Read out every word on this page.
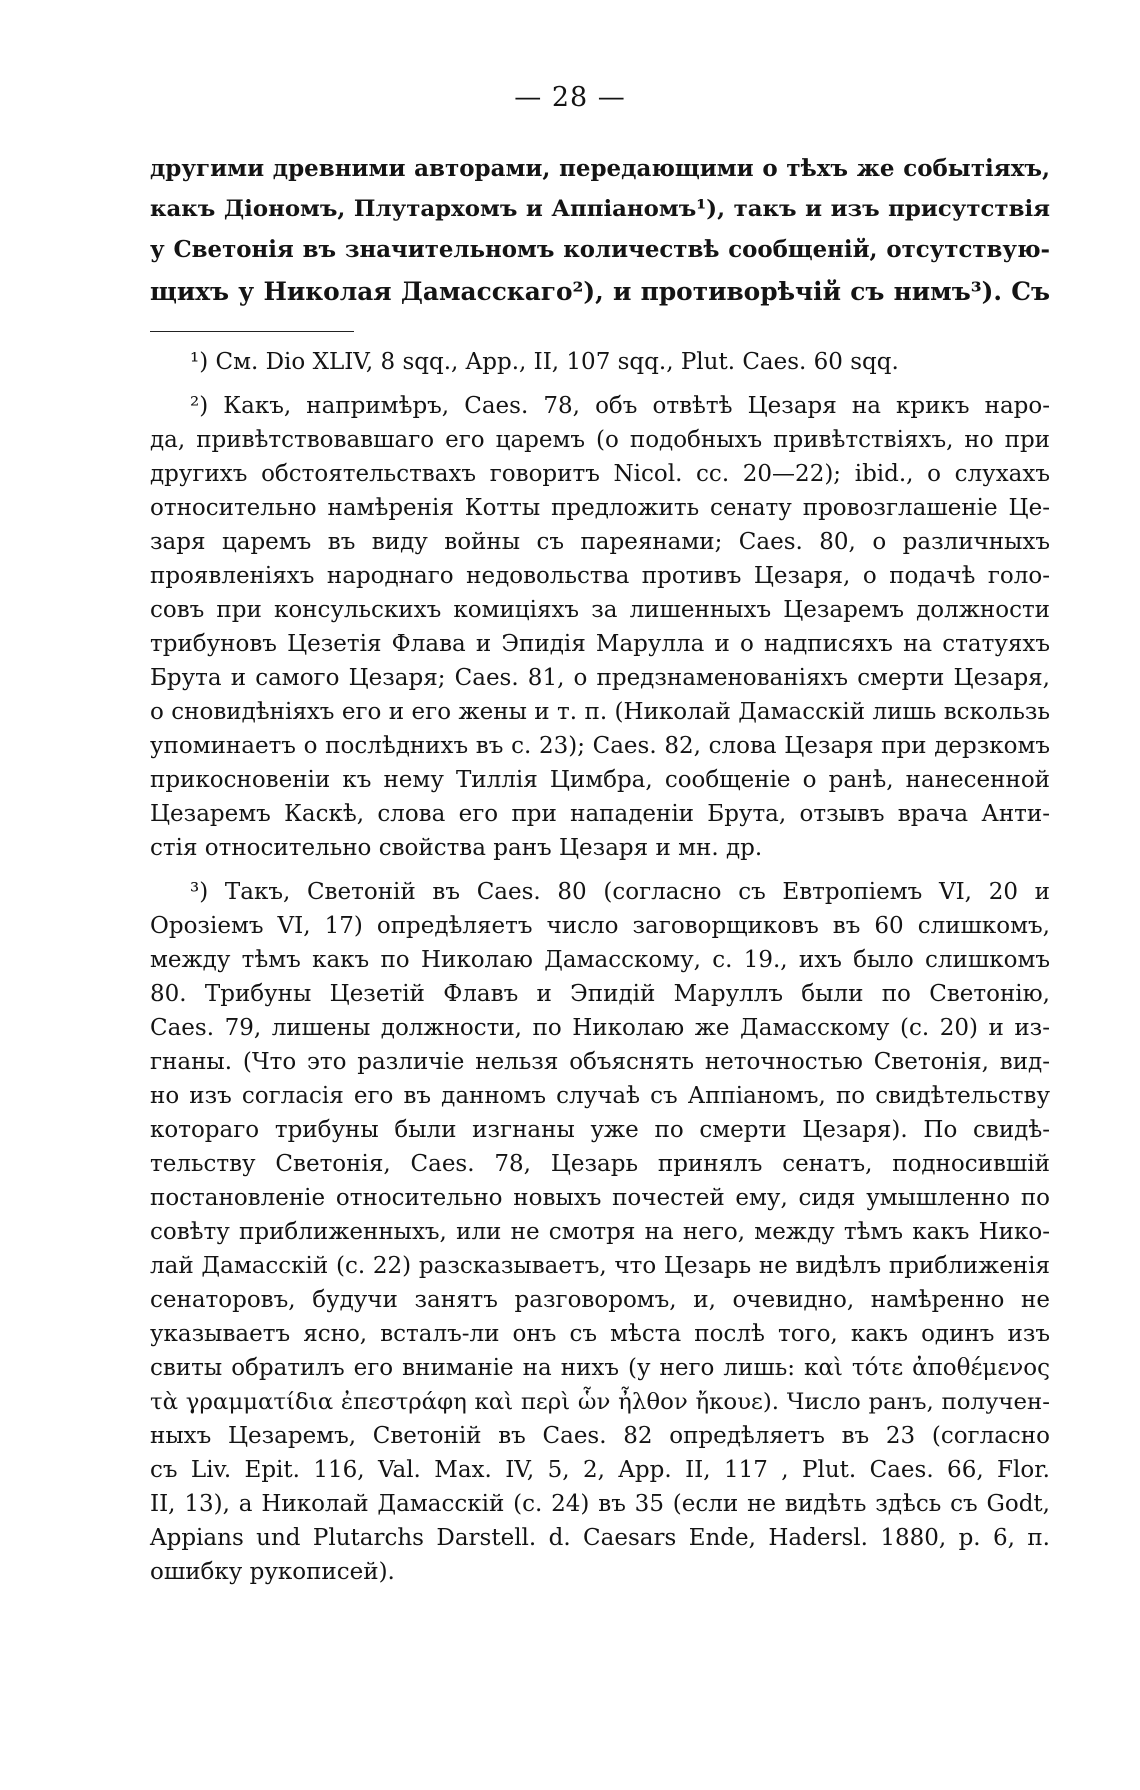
— 28 —
другими древними авторами, передающими о тѣхъ же событіяхъ,
какъ Діономъ, Плутархомъ и Аппіаномъ¹), такъ и изъ присутствія
у Светонія въ значительномъ количествѣ сообщеній, отсутствую-
щихъ у Николая Дамасскаго²), и противорѣчій съ нимъ³). Съ
¹) См. Dio XLIV, 8 sqq., App., II, 107 sqq., Plut. Caes. 60 sqq.
²) Какъ, напримѣръ, Caes. 78, объ отвѣтѣ Цезаря на крикъ наро-
да, привѣтствовавшаго его царемъ (о подобныхъ привѣтствіяхъ, но при
другихъ обстоятельствахъ говоритъ Nicol. cc. 20—22); ibid., о слухахъ
относительно намѣренія Котты предложить сенату провозглашеніе Це-
заря царемъ въ виду войны съ пареянами; Caes. 80, о различныхъ
проявленіяхъ народнаго недовольства противъ Цезаря, о подачѣ голо-
совъ при консульскихъ комиціяхъ за лишенныхъ Цезаремъ должности
трибуновъ Цезетія Флава и Эпидія Марулла и о надписяхъ на статуяхъ
Брута и самого Цезаря; Caes. 81, о предзнаменованіяхъ смерти Цезаря,
о сновидѣніяхъ его и его жены и т. п. (Николай Дамасскій лишь вскользь
упоминаетъ о послѣднихъ въ с. 23); Caes. 82, слова Цезаря при дерзкомъ
прикосновеніи къ нему Тиллія Цимбра, сообщеніе о ранѣ, нанесенной
Цезаремъ Каскѣ, слова его при нападеніи Брута, отзывъ врача Анти-
стія относительно свойства ранъ Цезаря и мн. др.
³) Такъ, Светоній въ Caes. 80 (согласно съ Евтропіемъ VI, 20 и
Орозіемъ VI, 17) опредѣляетъ число заговорщиковъ въ 60 слишкомъ,
между тѣмъ какъ по Николаю Дамасскому, с. 19., ихъ было слишкомъ
80. Трибуны Цезетій Флавъ и Эпидій Маруллъ были по Светонію,
Caes. 79, лишены должности, по Николаю же Дамасскому (с. 20) и из-
гнаны. (Что это различіе нельзя объяснять неточностью Светонія, вид-
но изъ согласія его въ данномъ случаѣ съ Аппіаномъ, по свидѣтельству
котораго трибуны были изгнаны уже по смерти Цезаря). По свидѣ-
тельству Светонія, Caes. 78, Цезарь принялъ сенатъ, подносившій
постановленіе относительно новыхъ почестей ему, сидя умышленно по
совѣту приближенныхъ, или не смотря на него, между тѣмъ какъ Нико-
лай Дамасскій (с. 22) разсказываетъ, что Цезарь не видѣлъ приближенія
сенаторовъ, будучи занятъ разговоромъ, и, очевидно, намѣренно не
указываетъ ясно, всталъ-ли онъ съ мѣста послѣ того, какъ одинъ изъ
свиты обратилъ его вниманіе на нихъ (у него лишь: καὶ τότε ἀποθέμενος
τὰ γραμματίδια ἐπεστράφη καὶ περὶ ὧν ἦλθον ἤκουε). Число ранъ, получен-
ныхъ Цезаремъ, Светоній въ Caes. 82 опредѣляетъ въ 23 (согласно
съ Liv. Epit. 116, Val. Max. IV, 5, 2, App. II, 117 , Plut. Caes. 66, Flor.
II, 13), а Николай Дамасскій (с. 24) въ 35 (если не видѣть здѣсь съ Godt,
Appians und Plutarchs Darstell. d. Caesars Ende, Hadersl. 1880, p. 6, п.
ошибку рукописей).
